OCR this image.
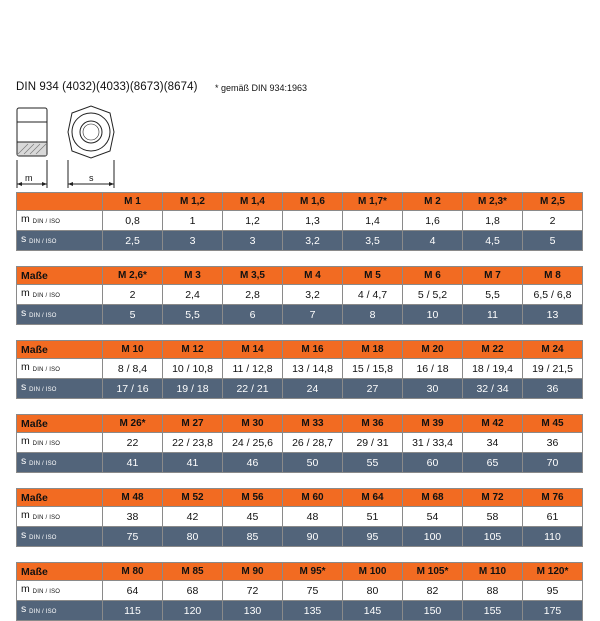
DIN 934 (4032)(4033)(8673)(8674) * gemäß DIN 934:1963
m	s
	M 1	M 1,2	M 1,4	M 1,6	M 1,7*	M 2	M 2,3*	M 2,5
m $_{DIN / ISO}$	0,8	1	1,2	1,3	1,4	1,6	1,8	2
s $_{DIN / ISO}$	2,5	3	3	3,2	3,5	4	4,5	5
Maße	M 2,6*	M 3	M 3,5	M 4	M 5	M 6	M 7	M 8
m $_{DIN / ISO}$	2	2,4	2,8	3,2	4 / 4,7	5 / 5,2	5,5	6,5 / 6,8
s $_{DIN / ISO}$	5	5,5	6	7	8	10	11	13
Maße	M 10	M 12	M 14	M 16	M 18	M 20	M 22	M 24
m $_{DIN / ISO}$	8 / 8,4	10 / 10,8	11 / 12,8	13 / 14,8	15 / 15,8	16 / 18	18 / 19,4	19 / 21,5
s $_{DIN / ISO}$	17 / 16	19 / 18	22 / 21	24	27	30	32 / 34	36
Maße	M 26*	M 27	M 30	M 33	M 36	M 39	M 42	M 45
m $_{DIN / ISO}$	22	22 / 23,8	24 / 25,6	26 / 28,7	29 / 31	31 / 33,4	34	36
s $_{DIN / ISO}$	41	41	46	50	55	60	65	70
Maße	M 48	M 52	M 56	M 60	M 64	M 68	M 72	M 76
m $_{DIN / ISO}$	38	42	45	48	51	54	58	61
s $_{DIN / ISO}$	75	80	85	90	95	100	105	110
Maße	M 80	M 85	M 90	M 95*	M 100	M 105*	M 110	M 120*
m $_{DIN / ISO}$	64	68	72	75	80	82	88	95
s $_{DIN / ISO}$	115	120	130	135	145	150	155	175
